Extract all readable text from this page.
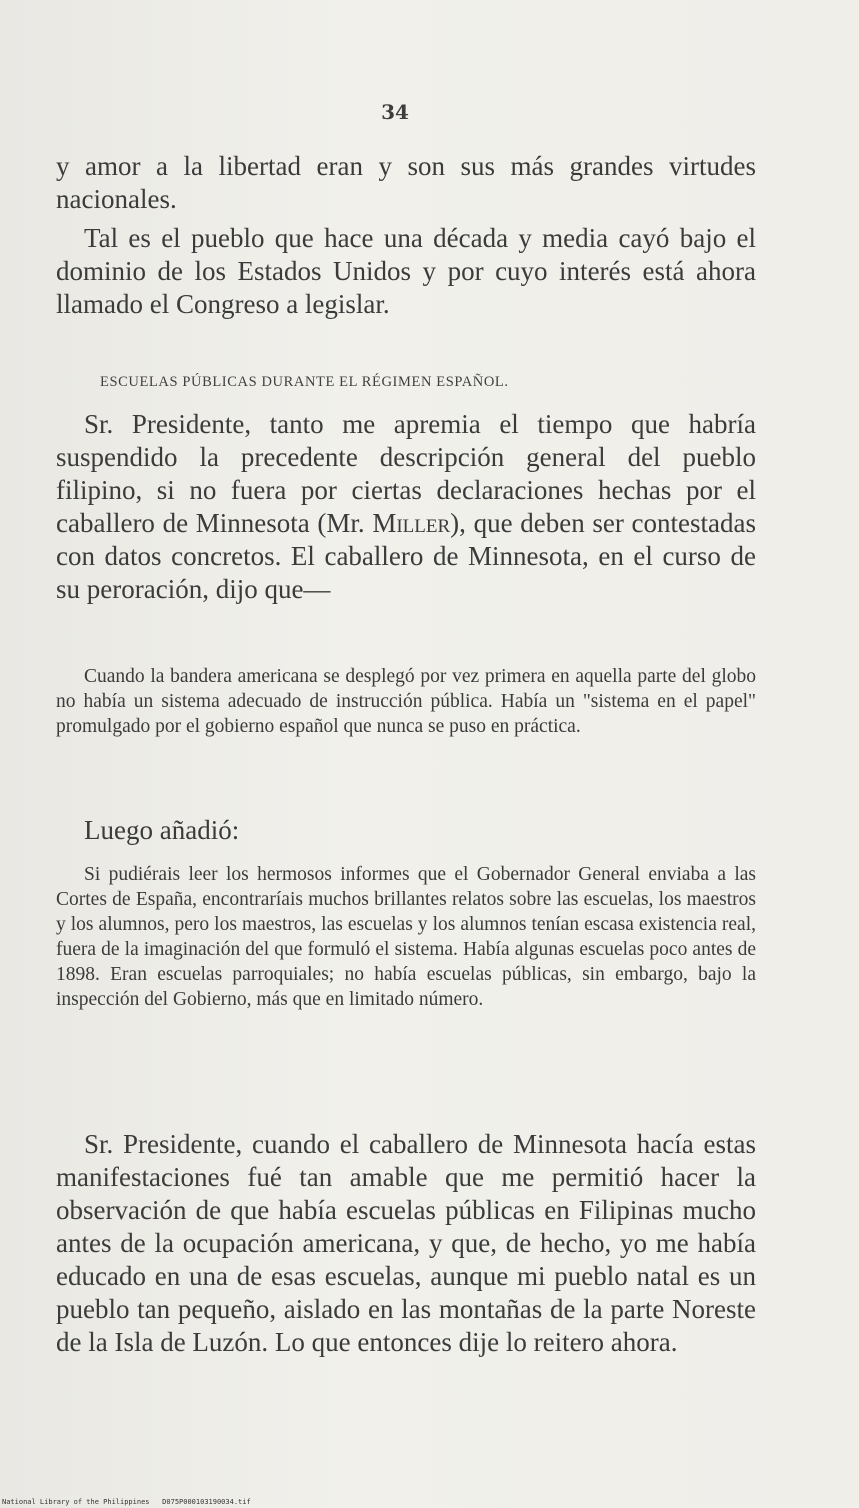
34
y amor a la libertad eran y son sus más grandes virtudes nacionales.
Tal es el pueblo que hace una década y media cayó bajo el dominio de los Estados Unidos y por cuyo interés está ahora llamado el Congreso a legislar.
ESCUELAS PÚBLICAS DURANTE EL RÉGIMEN ESPAÑOL.
Sr. Presidente, tanto me apremia el tiempo que habría suspendido la precedente descripción general del pueblo filipino, si no fuera por ciertas declaraciones hechas por el caballero de Minnesota (Mr. Miller), que deben ser contestadas con datos concretos. El caballero de Minnesota, en el curso de su peroración, dijo que—
Cuando la bandera americana se desplegó por vez primera en aquella parte del globo no había un sistema adecuado de instrucción pública. Había un "sistema en el papel" promulgado por el gobierno español que nunca se puso en práctica.
Luego añadió:
Si pudiérais leer los hermosos informes que el Gobernador General enviaba a las Cortes de España, encontraríais muchos brillantes relatos sobre las escuelas, los maestros y los alumnos, pero los maestros, las escuelas y los alumnos tenían escasa existencia real, fuera de la imaginación del que formuló el sistema. Había algunas escuelas poco antes de 1898. Eran escuelas parroquiales; no había escuelas públicas, sin embargo, bajo la inspección del Gobierno, más que en limitado número.
Sr. Presidente, cuando el caballero de Minnesota hacía estas manifestaciones fué tan amable que me permitió hacer la observación de que había escuelas públicas en Filipinas mucho antes de la ocupación americana, y que, de hecho, yo me había educado en una de esas escuelas, aunque mi pueblo natal es un pueblo tan pequeño, aislado en las montañas de la parte Noreste de la Isla de Luzón. Lo que entonces dije lo reitero ahora.
National Library of the Philippines D075P000103190034.tif
